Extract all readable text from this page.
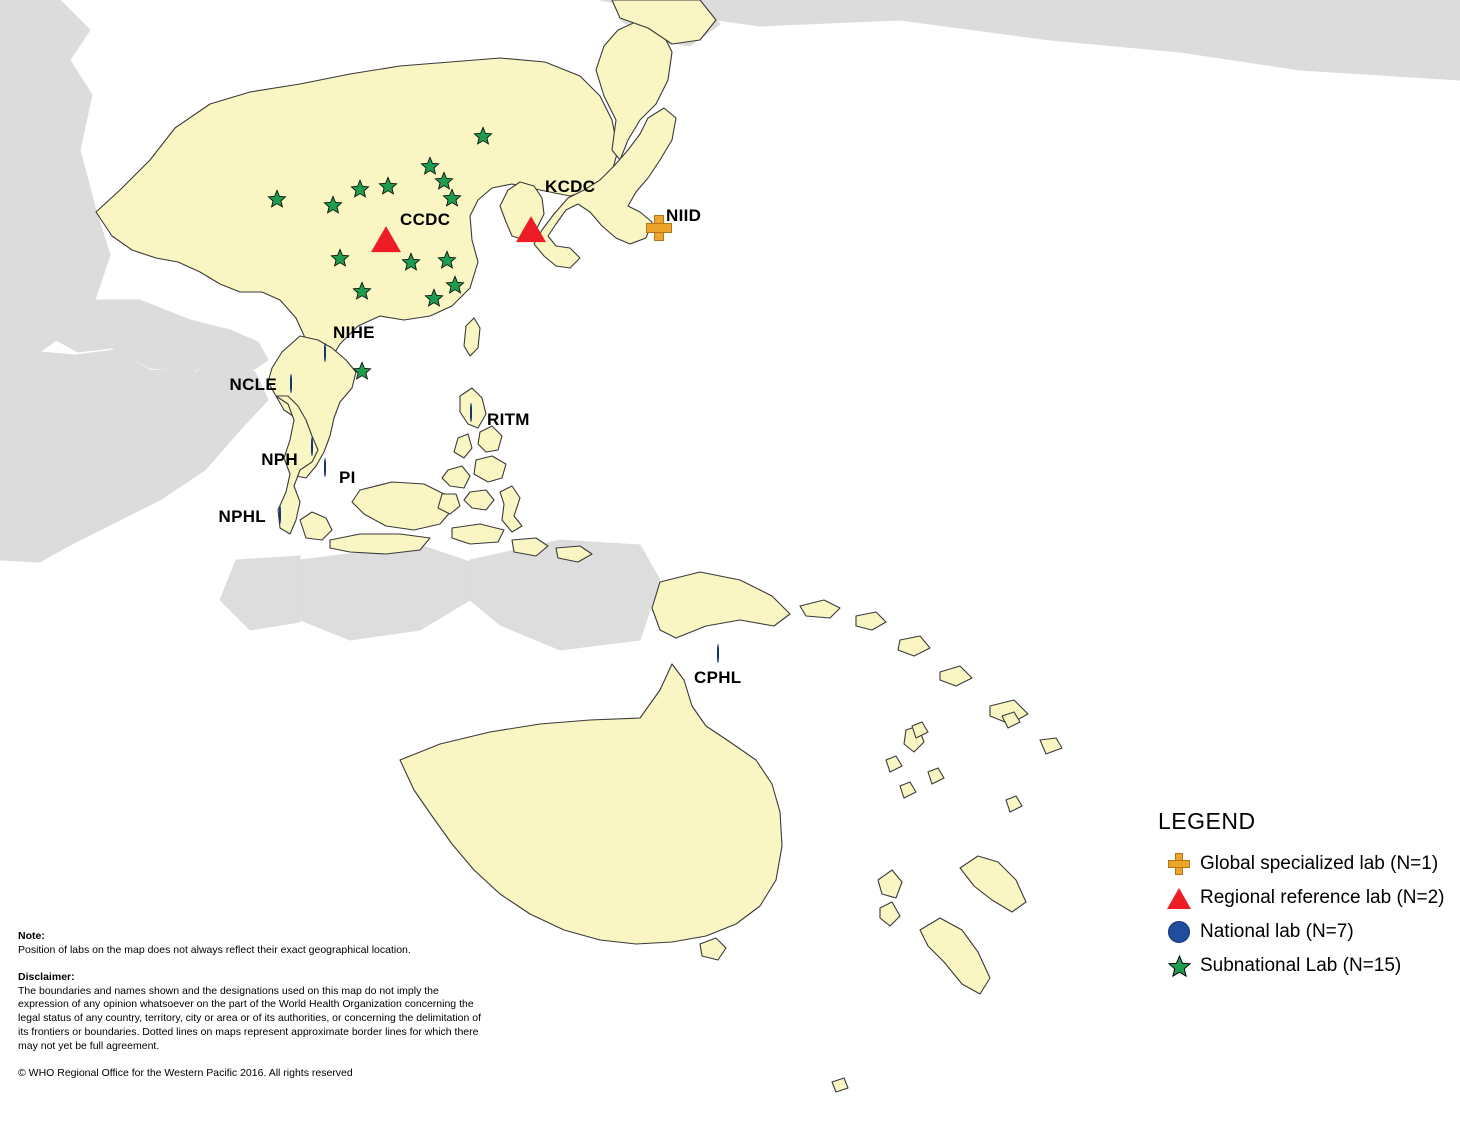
CCDC
KCDC
NIID
NIHE
NCLE
NPH
PI
NPHL
RITM
CPHL
LEGEND
Global specialized lab (N=1)
Regional reference lab (N=2)
National lab (N=7)
Subnational Lab (N=15)
Note:
Position of labs on the map does not always reflect their exact geographical location.
Disclaimer:
The boundaries and names shown and the designations used on this map do not imply the expression of any opinion whatsoever on the part of the World Health Organization concerning the legal status of any country, territory, city or area or of its authorities, or concerning the delimitation of its frontiers or boundaries. Dotted lines on maps represent approximate border lines for which there may not yet be full agreement.
© WHO Regional Office for the Western Pacific 2016. All rights reserved
